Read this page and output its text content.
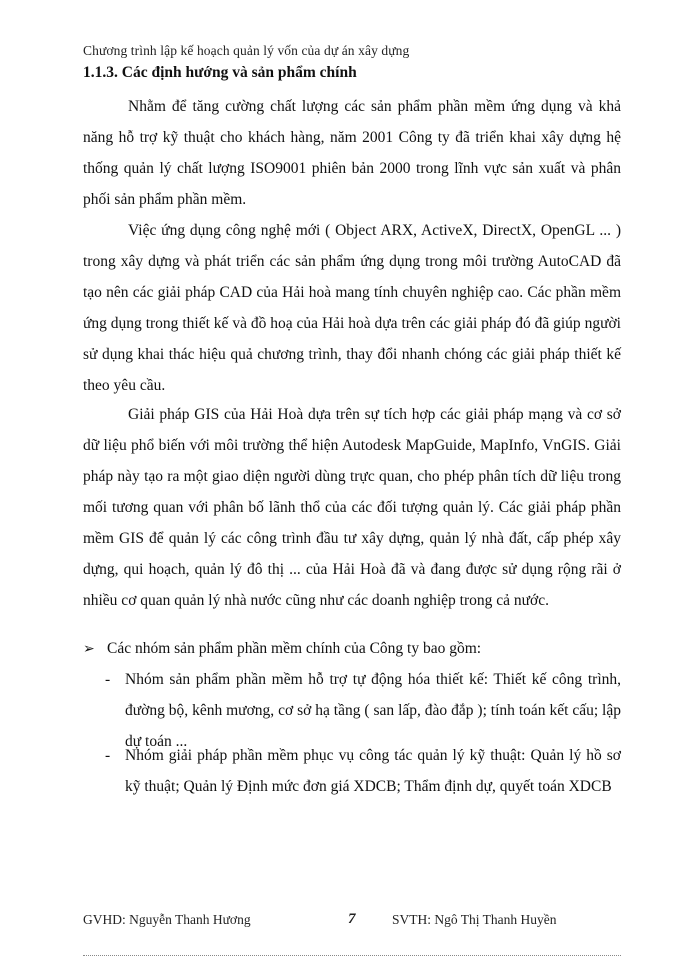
Chương trình lập kế hoạch quản lý vốn của dự án xây dựng
1.1.3. Các định hướng và sản phẩm chính

Nhằm để tăng cường chất lượng các sản phẩm phần mềm ứng dụng và khả năng hỗ trợ kỹ thuật cho khách hàng, năm 2001 Công ty đã triển khai xây dựng hệ thống quản lý chất lượng ISO9001 phiên bản 2000 trong lĩnh vực sản xuất và phân phối sản phẩm phần mềm.

Việc ứng dụng công nghệ mới ( Object ARX, ActiveX, DirectX, OpenGL ... ) trong xây dựng và phát triển các sản phẩm ứng dụng trong môi trường AutoCAD đã tạo nên các giải pháp CAD của Hải hoà mang tính chuyên nghiệp cao. Các phần mềm ứng dụng trong thiết kế và đồ hoạ của Hải hoà dựa trên các giải pháp đó đã giúp người sử dụng khai thác hiệu quả chương trình, thay đổi nhanh chóng các giải pháp thiết kế theo yêu cầu.

Giải pháp GIS của Hải Hoà dựa trên sự tích hợp các giải pháp mạng và cơ sở dữ liệu phổ biến với môi trường thể hiện Autodesk MapGuide, MapInfo, VnGIS. Giải pháp này tạo ra một giao diện người dùng trực quan, cho phép phân tích dữ liệu trong mối tương quan với phân bố lãnh thổ của các đối tượng quản lý. Các giải pháp phần mềm GIS để quản lý các công trình đầu tư xây dựng, quản lý nhà đất, cấp phép xây dựng, qui hoạch, quản lý đô thị ... của Hải Hoà đã và đang được sử dụng rộng rãi ở nhiều cơ quan quản lý nhà nước cũng như các doanh nghiệp trong cả nước.

➢ Các nhóm sản phẩm phần mềm chính của Công ty bao gồm:
- Nhóm sản phẩm phần mềm hỗ trợ tự động hóa thiết kế: Thiết kế công trình, đường bộ, kênh mương, cơ sở hạ tầng ( san lấp, đào đắp ); tính toán kết cấu; lập dự toán ...
- Nhóm giải pháp phần mềm phục vụ công tác quản lý kỹ thuật: Quản lý hồ sơ kỹ thuật; Quản lý Định mức đơn giá XDCB; Thẩm định dự, quyết toán XDCB
GVHD: Nguyễn Thanh Hương	7	SVTH: Ngô Thị Thanh Huyền
